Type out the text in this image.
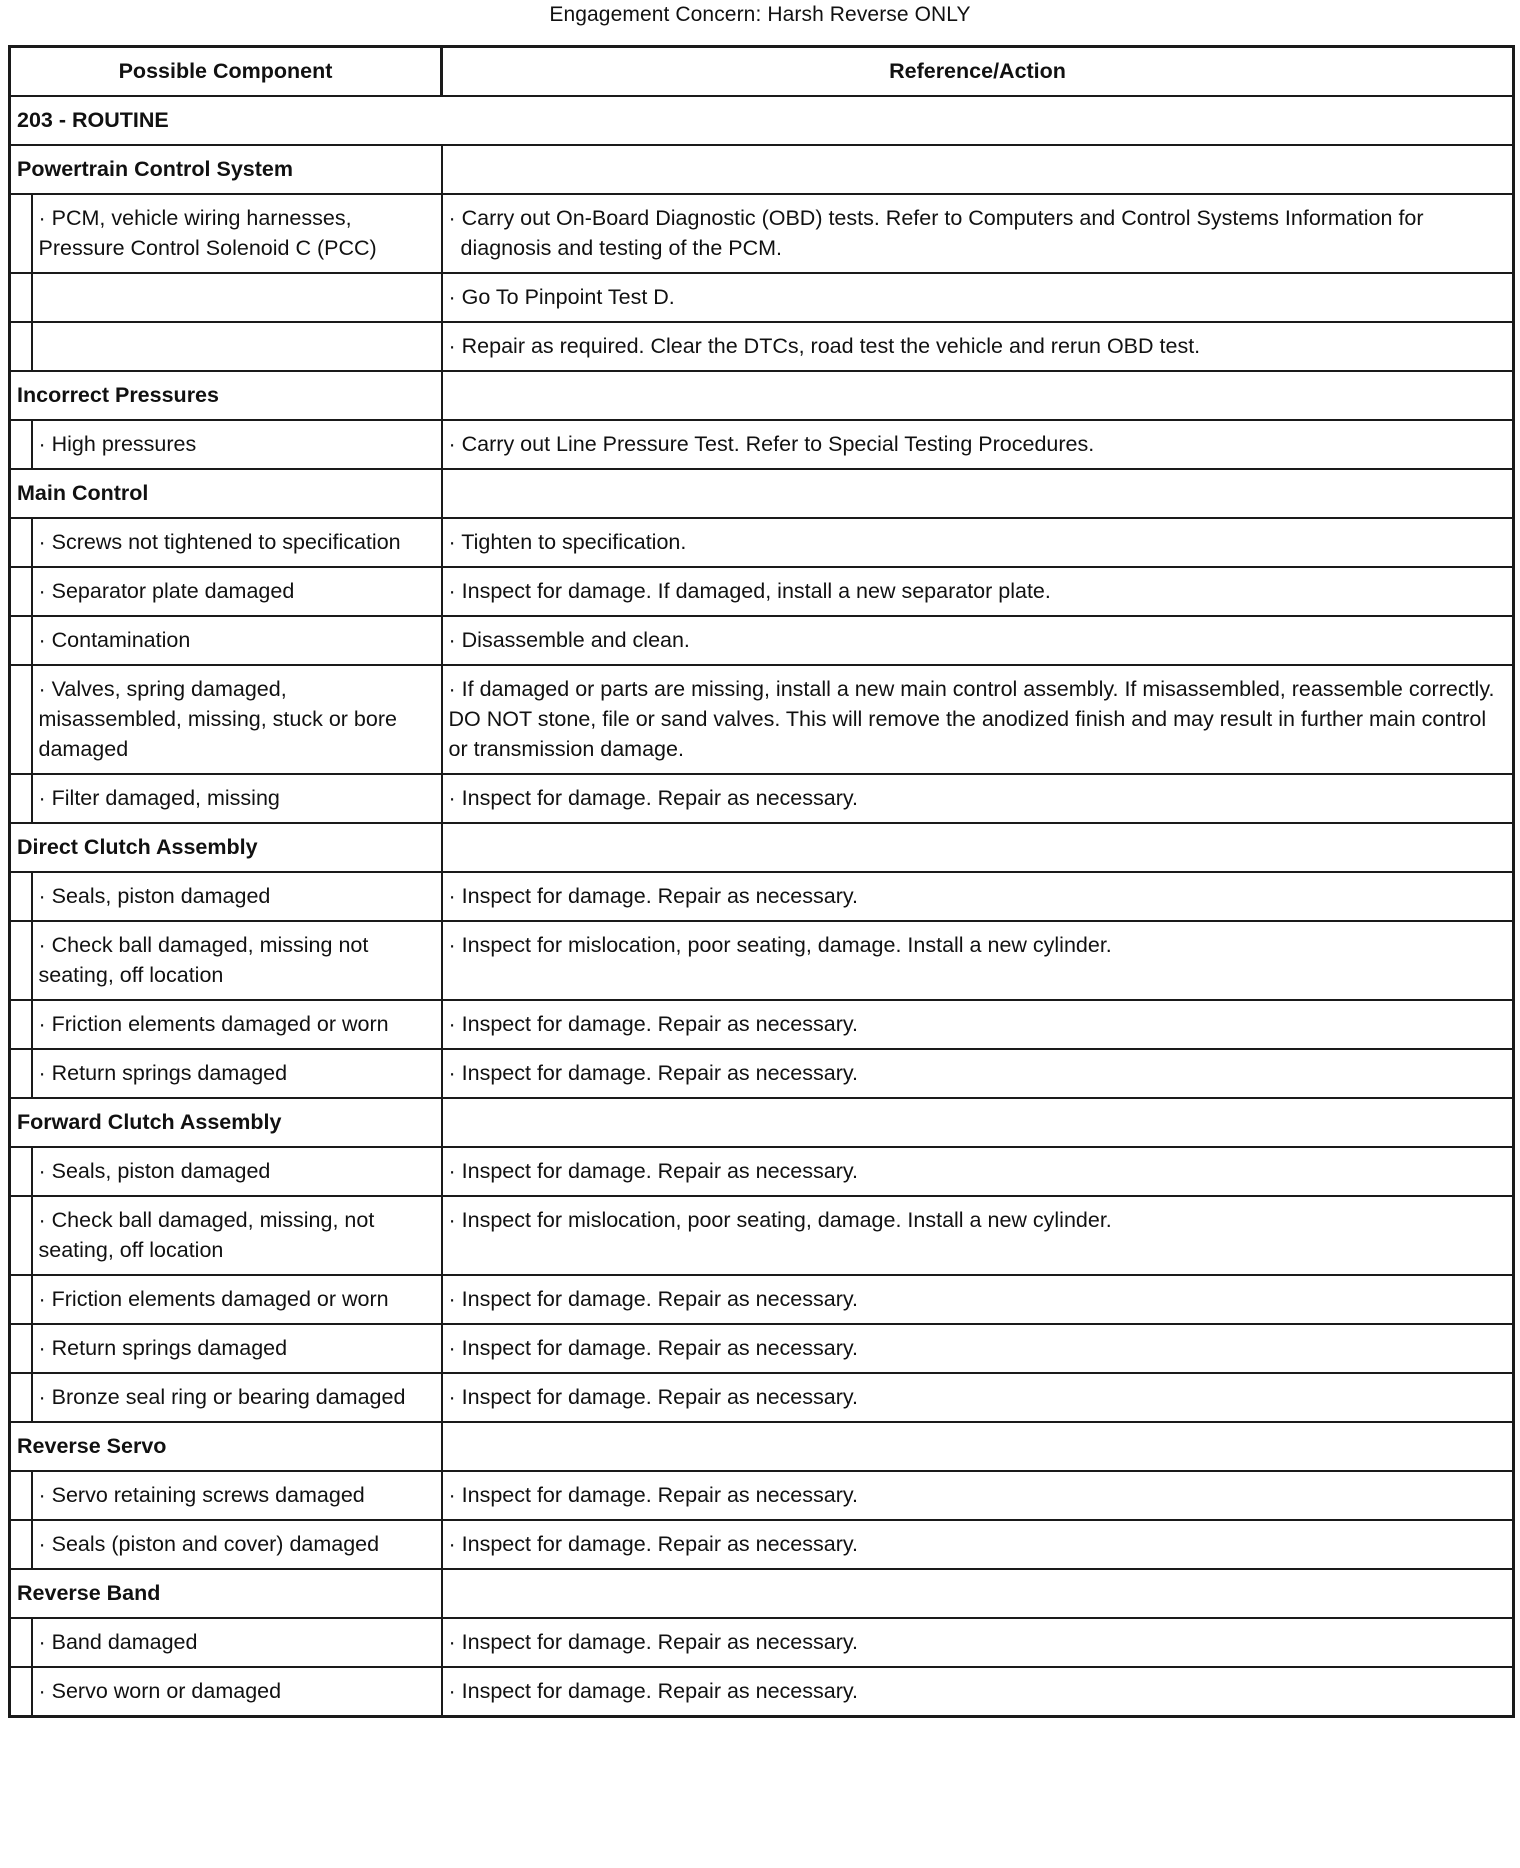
Engagement Concern: Harsh Reverse ONLY
Possible Component		Reference/Action
203 - ROUTINE		
Powertrain Control System		
	· PCM, vehicle wiring harnesses, Pressure Control Solenoid C (PCC)	· Carry out On-Board Diagnostic (OBD) tests. Refer to Computers and Control Systems Information for diagnosis and testing of the PCM.
		· Go To Pinpoint Test D.
		· Repair as required. Clear the DTCs, road test the vehicle and rerun OBD test.
Incorrect Pressures		
	· High pressures	· Carry out Line Pressure Test. Refer to Special Testing Procedures.
Main Control		
	· Screws not tightened to specification	· Tighten to specification.
	· Separator plate damaged	· Inspect for damage. If damaged, install a new separator plate.
	· Contamination	· Disassemble and clean.
	· Valves, spring damaged, misassembled, missing, stuck or bore damaged	· If damaged or parts are missing, install a new main control assembly. If misassembled, reassemble correctly. DO NOT stone, file or sand valves. This will remove the anodized finish and may result in further main control or transmission damage.
	· Filter damaged, missing	· Inspect for damage. Repair as necessary.
Direct Clutch Assembly		
	· Seals, piston damaged	· Inspect for damage. Repair as necessary.
	· Check ball damaged, missing not seating, off location	· Inspect for mislocation, poor seating, damage. Install a new cylinder.
	· Friction elements damaged or worn	· Inspect for damage. Repair as necessary.
	· Return springs damaged	· Inspect for damage. Repair as necessary.
Forward Clutch Assembly		
	· Seals, piston damaged	· Inspect for damage. Repair as necessary.
	· Check ball damaged, missing, not seating, off location	· Inspect for mislocation, poor seating, damage. Install a new cylinder.
	· Friction elements damaged or worn	· Inspect for damage. Repair as necessary.
	· Return springs damaged	· Inspect for damage. Repair as necessary.
	· Bronze seal ring or bearing damaged	· Inspect for damage. Repair as necessary.
Reverse Servo		
	· Servo retaining screws damaged	· Inspect for damage. Repair as necessary.
	· Seals (piston and cover) damaged	· Inspect for damage. Repair as necessary.
Reverse Band		
	· Band damaged	· Inspect for damage. Repair as necessary.
	· Servo worn or damaged	· Inspect for damage. Repair as necessary.
